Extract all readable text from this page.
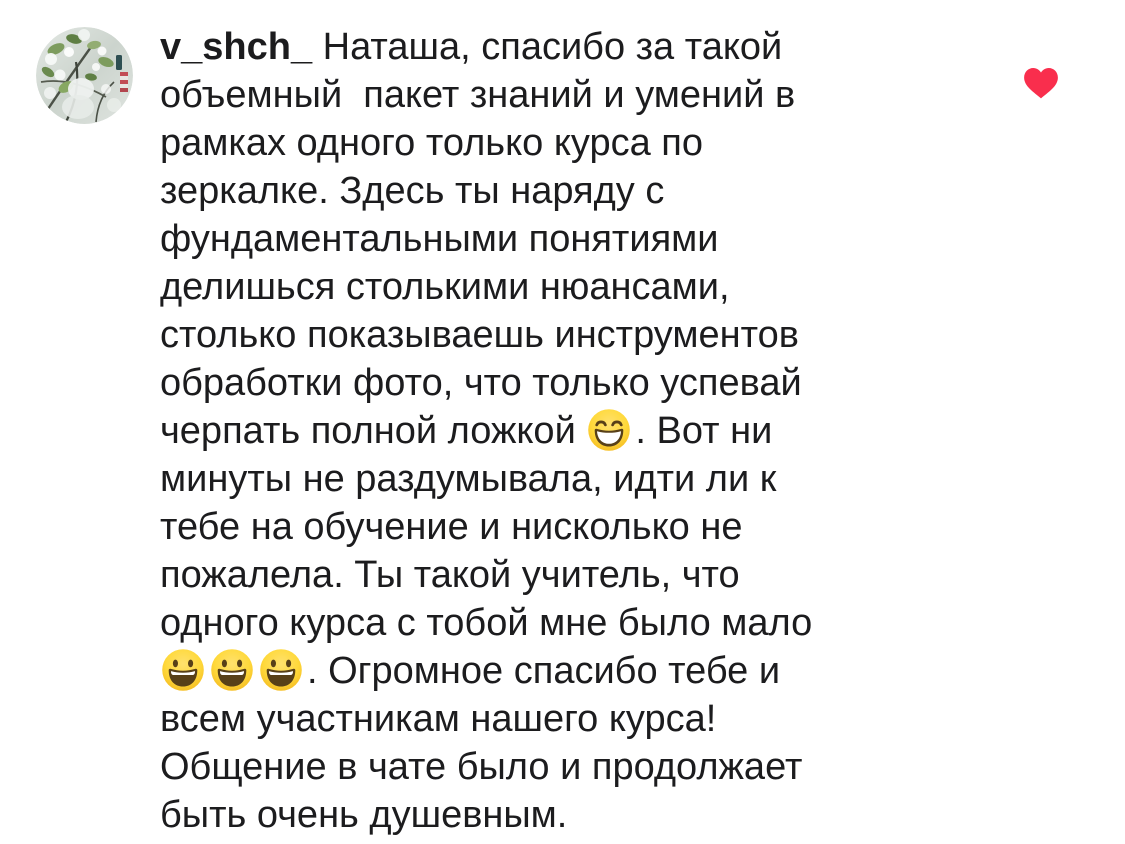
v_shch_ Наташа, спасибо за такой
объемный  пакет знаний и умений в
рамках одного только курса по
зеркалке. Здесь ты наряду с
фундаментальными понятиями
делишься столькими нюансами,
столько показываешь инструментов
обработки фото, что только успевай
черпать полной ложкой
. Вот ни
минуты не раздумывала, идти ли к
тебе на обучение и нисколько не
пожалела. Ты такой учитель, что
одного курса с тобой мне было мало
. Огромное спасибо тебе и
всем участникам нашего курса!
Общение в чате было и продолжает
быть очень душевным.
